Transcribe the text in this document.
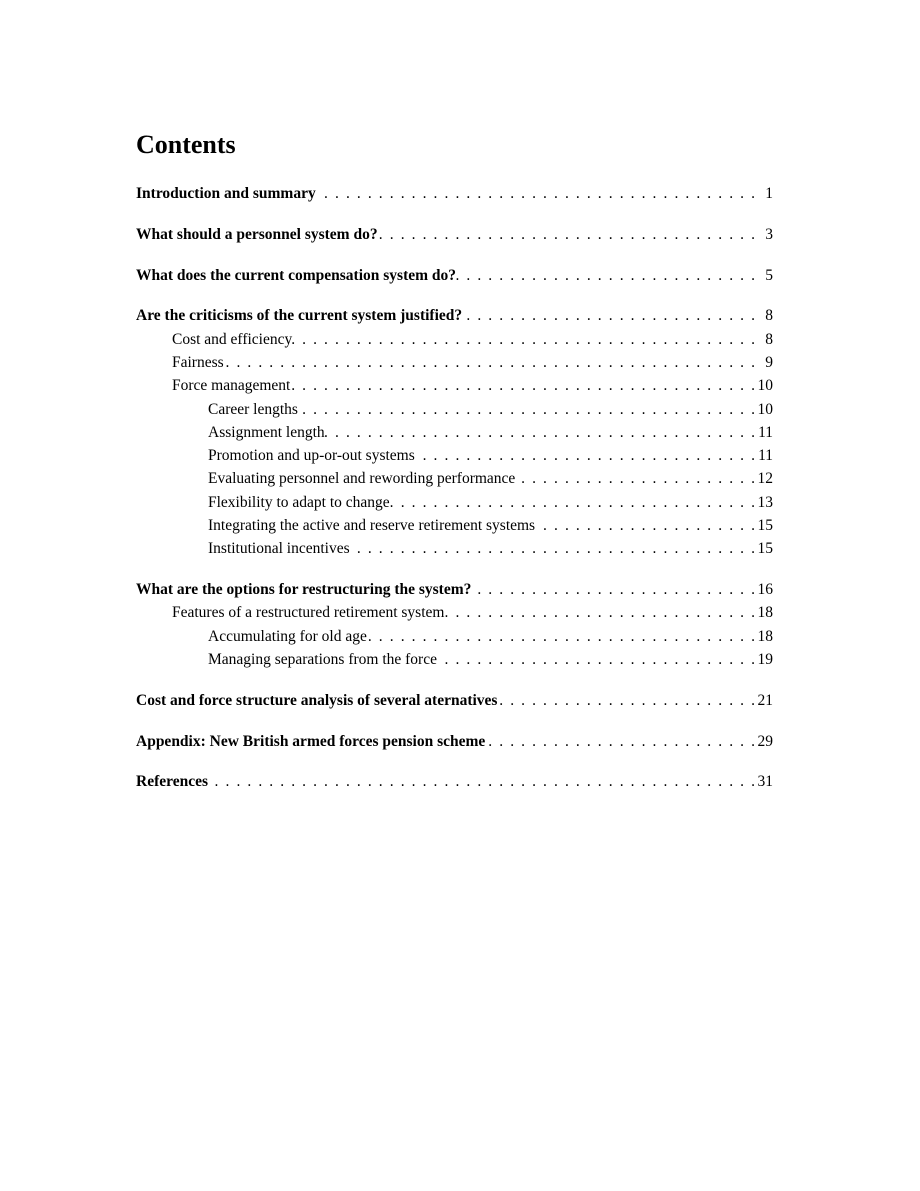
Contents
Introduction and summary . . .	1
What should a personnel system do? . . .	3
What does the current compensation system do? . . .	5
Are the criticisms of the current system justified? . . .	8
Cost and efficiency . . .	8
Fairness . . .	9
Force management . . .	10
Career lengths . . .	10
Assignment length . . .	11
Promotion and up-or-out systems . . .	11
Evaluating personnel and rewording performance . . .	12
Flexibility to adapt to change. . . .	13
Integrating the active and reserve retirement systems . . .	15
Institutional incentives . . .	15
What are the options for restructuring the system? . . .	16
Features of a restructured retirement system. . . .	18
Accumulating for old age . . .	18
Managing separations from the force . . .	19
Cost and force structure analysis of several aternatives . . .	21
Appendix: New British armed forces pension scheme . . .	29
References . . .	31
